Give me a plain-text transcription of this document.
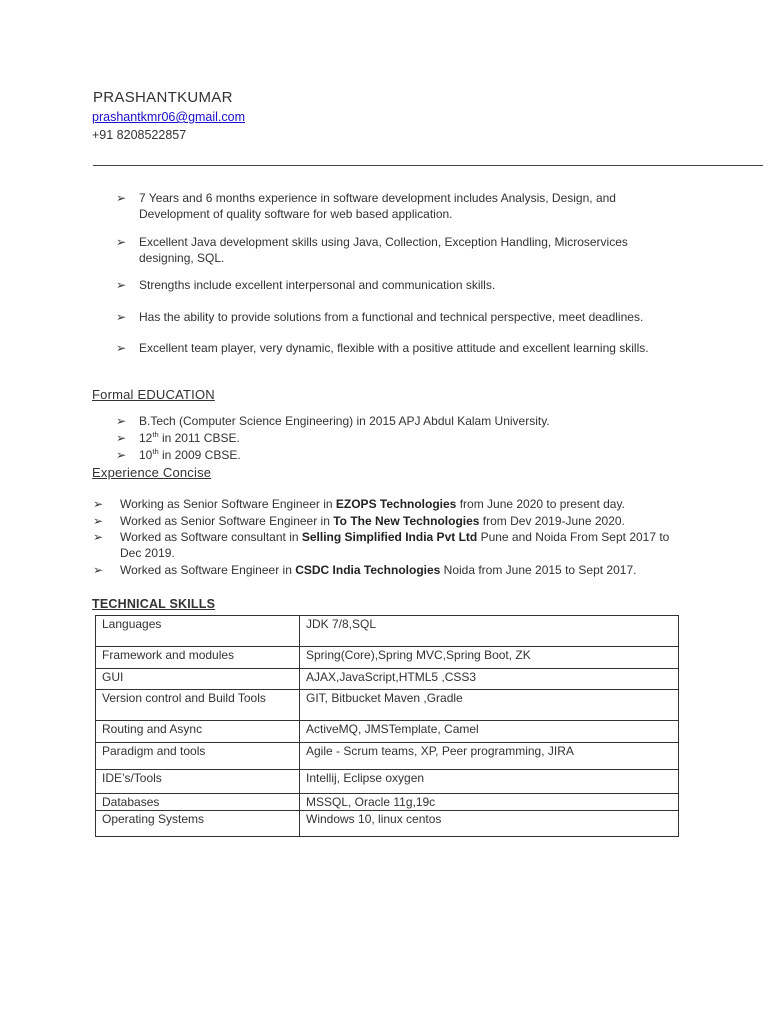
PRASHANTKUMAR
prashantkmr06@gmail.com
+91 8208522857
➢ 7 Years and 6 months experience in software development includes Analysis, Design, and Development of quality software for web based application.
➢ Excellent Java development skills using Java, Collection, Exception Handling, Microservices designing, SQL.
➢ Strengths include excellent interpersonal and communication skills.
➢ Has the ability to provide solutions from a functional and technical perspective, meet deadlines.
➢ Excellent team player, very dynamic, flexible with a positive attitude and excellent learning skills.
Formal EDUCATION
➢ B.Tech (Computer Science Engineering) in 2015 APJ Abdul Kalam University.
➢ 12th in 2011 CBSE.
➢ 10th in 2009 CBSE.
Experience Concise
➢ Working as Senior Software Engineer in EZOPS Technologies from June 2020 to present day.
➢ Worked as Senior Software Engineer in To The New Technologies from Dev 2019-June 2020.
➢ Worked as Software consultant in Selling Simplified India Pvt Ltd Pune and Noida From Sept 2017 to Dec 2019.
➢ Worked as Software Engineer in CSDC India Technologies Noida from June 2015 to Sept 2017.
TECHNICAL SKILLS
Languages	JDK 7/8,SQL
Framework and modules	Spring(Core),Spring MVC,Spring Boot, ZK
GUI	AJAX,JavaScript,HTML5 ,CSS3
Version control and Build Tools	GIT, Bitbucket Maven ,Gradle
Routing and Async	ActiveMQ, JMSTemplate, Camel
Paradigm and tools	Agile - Scrum teams, XP, Peer programming, JIRA
IDE’s/Tools	Intellij, Eclipse oxygen
Databases	MSSQL, Oracle 11g,19c
Operating Systems	Windows 10, linux centos
